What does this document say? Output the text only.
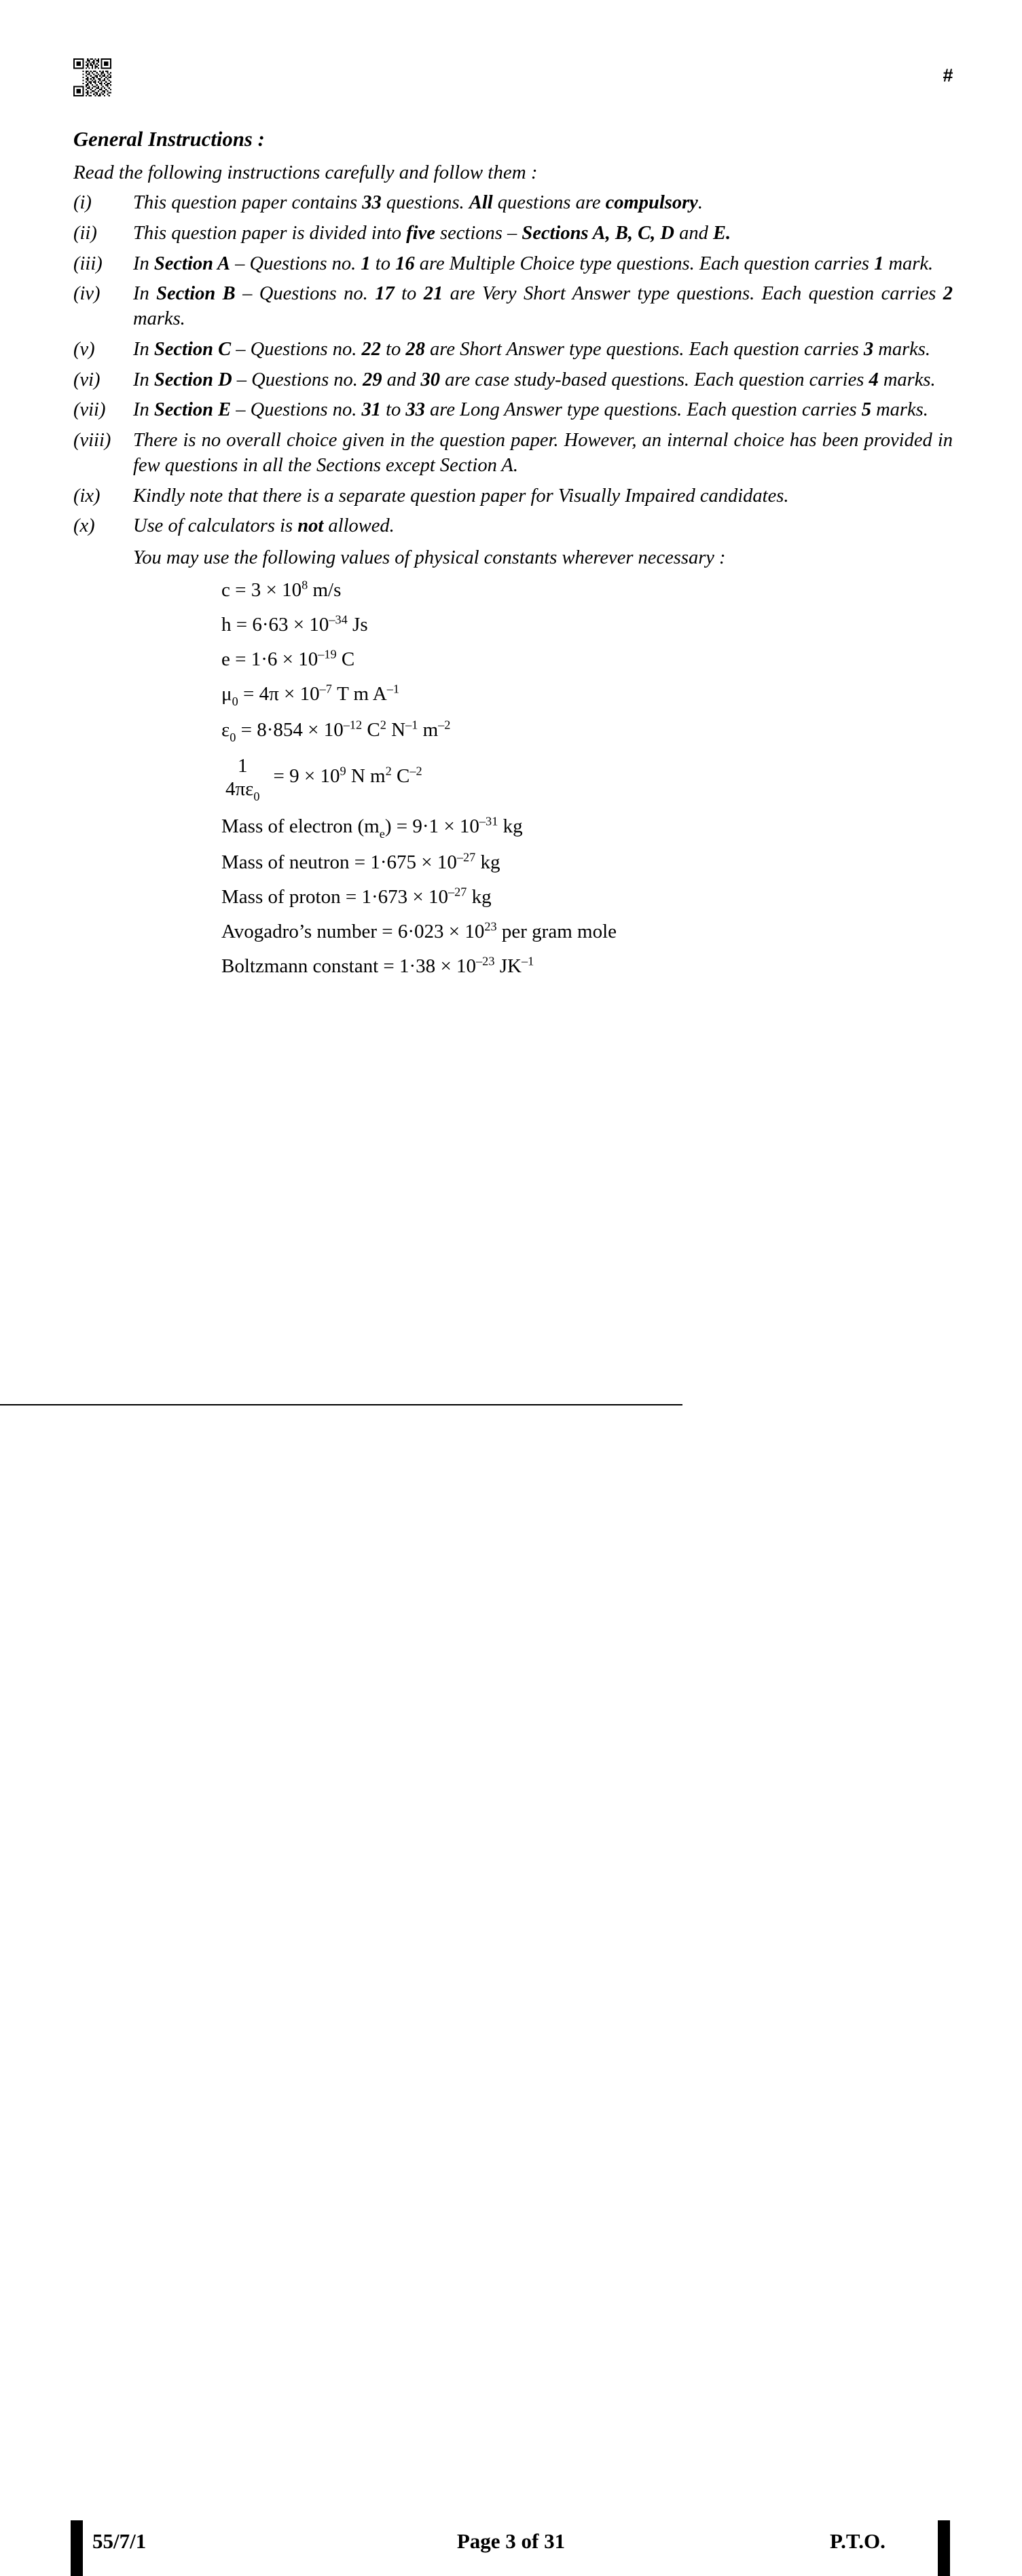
#
General Instructions :
Read the following instructions carefully and follow them :
(i)	This question paper contains 33 questions. All questions are compulsory.
(ii)	This question paper is divided into five sections – Sections A, B, C, D and E.
(iii)	In Section A – Questions no. 1 to 16 are Multiple Choice type questions. Each question carries 1 mark.
(iv)	In Section B – Questions no. 17 to 21 are Very Short Answer type questions. Each question carries 2 marks.
(v)	In Section C – Questions no. 22 to 28 are Short Answer type questions. Each question carries 3 marks.
(vi)	In Section D – Questions no. 29 and 30 are case study-based questions. Each question carries 4 marks.
(vii)	In Section E – Questions no. 31 to 33 are Long Answer type questions. Each question carries 5 marks.
(viii)	There is no overall choice given in the question paper. However, an internal choice has been provided in few questions in all the Sections except Section A.
(ix)	Kindly note that there is a separate question paper for Visually Impaired candidates.
(x)	Use of calculators is not allowed.
You may use the following values of physical constants wherever necessary :
$c = 3 \times 10^8$ m/s
$h = 6\cdot 63 \times 10^{-34}$ Js
$e = 1\cdot 6 \times 10^{-19}$ C
$\mu_0 = 4\pi \times 10^{-7}$ T m $A^{-1}$
$\varepsilon_0 = 8\cdot 854 \times 10^{-12}$ $C^2$ $N^{-1}$ $m^{-2}$
$\frac{1}{4\pi\varepsilon_0} = 9 \times 10^9$ N $m^2$ $C^{-2}$
Mass of electron $(m_e) = 9\cdot 1 \times 10^{-31}$ kg
Mass of neutron = $1\cdot 675 \times 10^{-27}$ kg
Mass of proton = $1\cdot 673 \times 10^{-27}$ kg
Avogadro’s number = $6\cdot 023 \times 10^{23}$ per gram mole
Boltzmann constant = $1\cdot 38 \times 10^{-23}$ $JK^{-1}$
55/7/1	Page 3 of 31	P.T.O.
